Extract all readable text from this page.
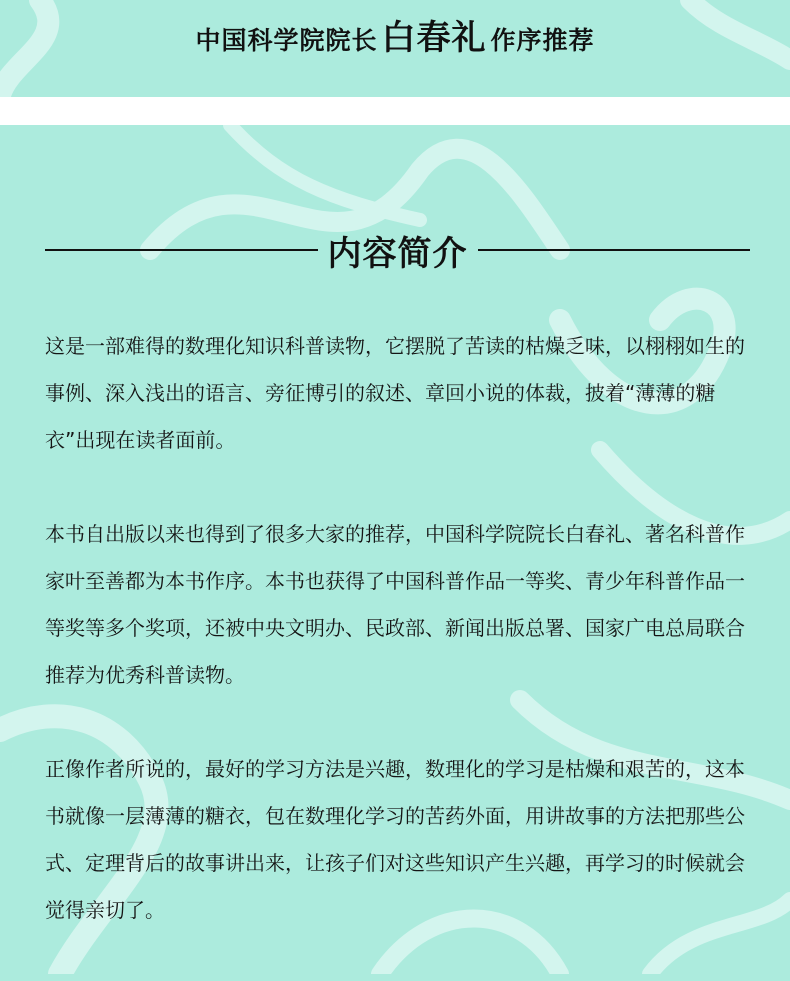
中国科学院院长 白春礼 作序推荐
内容简介

这是一部难得的数理化知识科普读物，它摆脱了苦读的枯燥乏味，以栩栩如生的事例、深入浅出的语言、旁征博引的叙述、章回小说的体裁，披着“薄薄的糖衣”出现在读者面前。

本书自出版以来也得到了很多大家的推荐，中国科学院院长白春礼、著名科普作家叶至善都为本书作序。本书也获得了中国科普作品一等奖、青少年科普作品一等奖等多个奖项，还被中央文明办、民政部、新闻出版总署、国家广电总局联合推荐为优秀科普读物。

正像作者所说的，最好的学习方法是兴趣，数理化的学习是枯燥和艰苦的，这本书就像一层薄薄的糖衣，包在数理化学习的苦药外面，用讲故事的方法把那些公式、定理背后的故事讲出来，让孩子们对这些知识产生兴趣，再学习的时候就会觉得亲切了。
